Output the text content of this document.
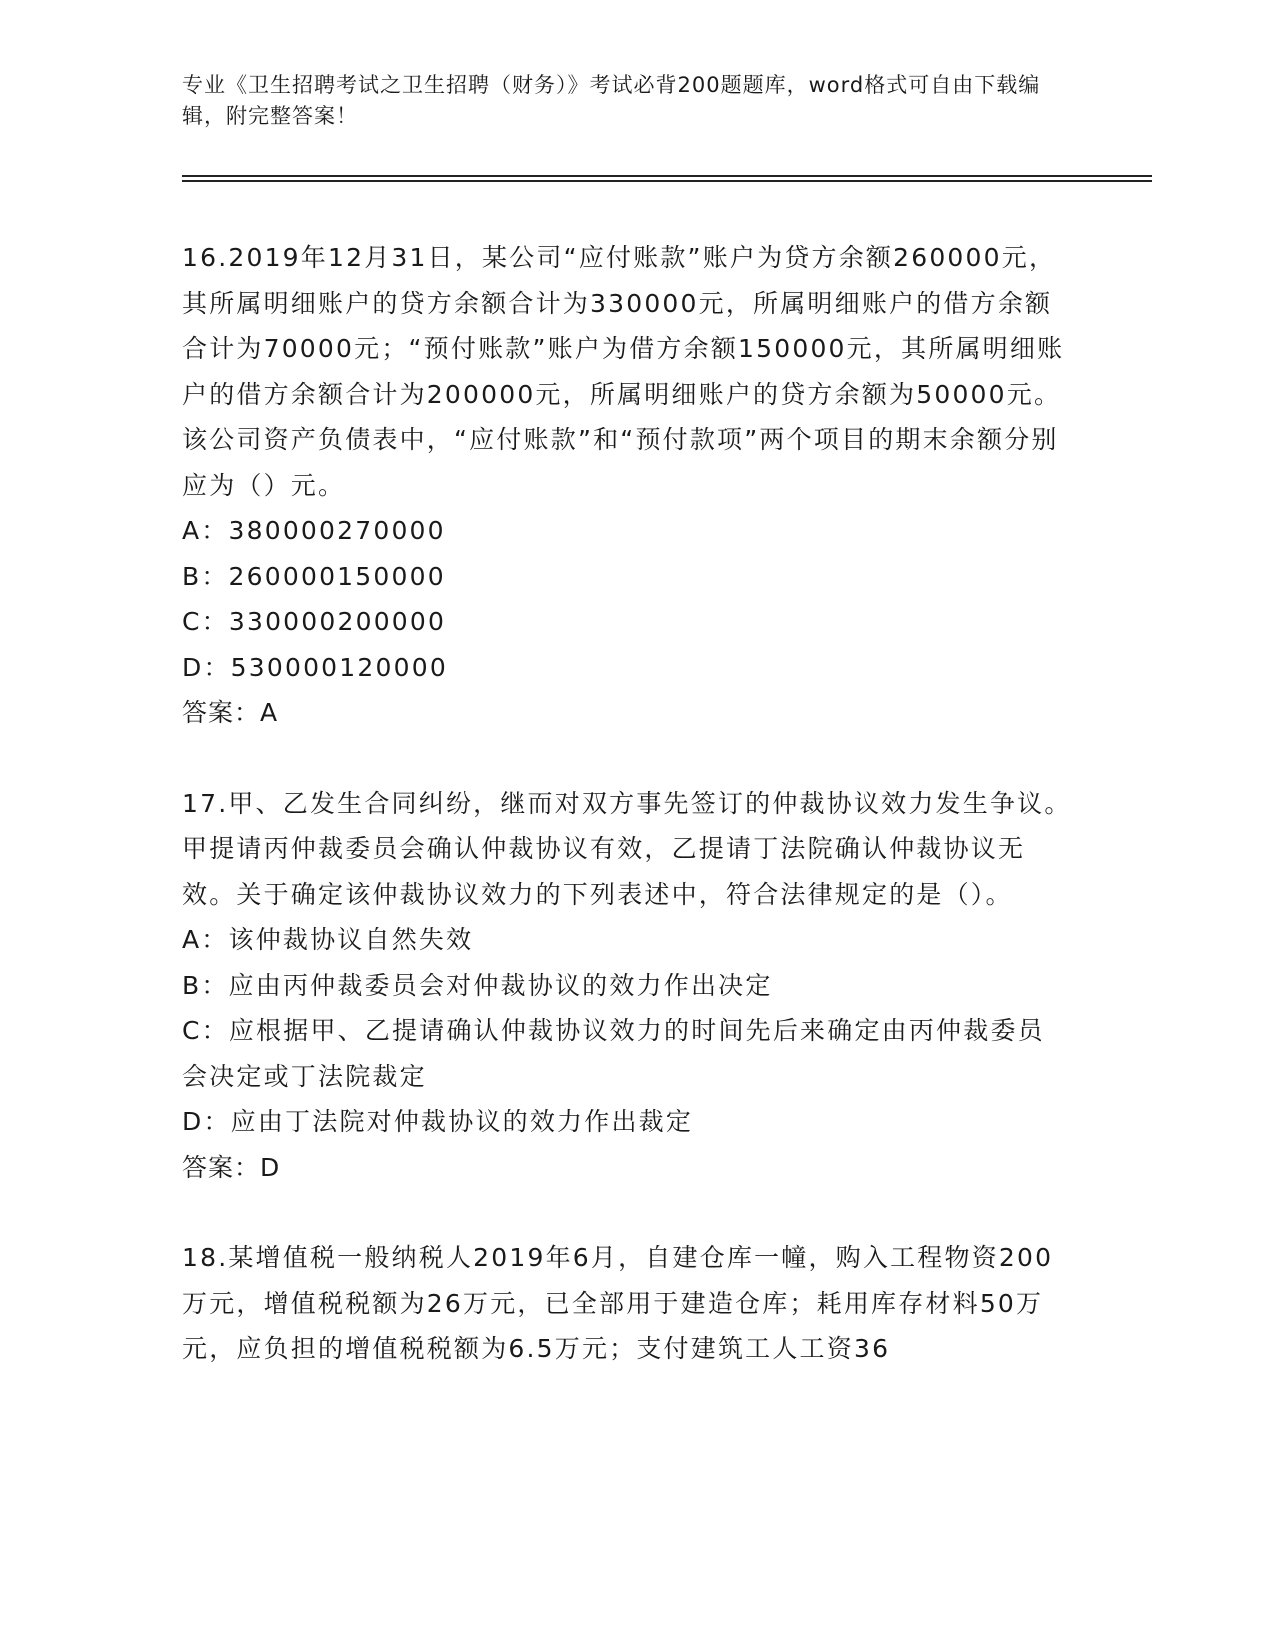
专业《卫生招聘考试之卫生招聘（财务）》考试必背200题题库，word格式可自由下载编辑，附完整答案！

16.2019年12月31日，某公司“应付账款”账户为贷方余额260000元，其所属明细账户的贷方余额合计为330000元，所属明细账户的借方余额合计为70000元；“预付账款”账户为借方余额150000元，其所属明细账户的借方余额合计为200000元，所属明细账户的贷方余额为50000元。该公司资产负债表中，“应付账款”和“预付款项”两个项目的期末余额分别应为（）元。

A：380000270000

B：260000150000

C：330000200000

D：530000120000

答案：A

17.甲、乙发生合同纠纷，继而对双方事先签订的仲裁协议效力发生争议。甲提请丙仲裁委员会确认仲裁协议有效，乙提请丁法院确认仲裁协议无效。关于确定该仲裁协议效力的下列表述中，符合法律规定的是（）。

A：该仲裁协议自然失效

B：应由丙仲裁委员会对仲裁协议的效力作出决定

C：应根据甲、乙提请确认仲裁协议效力的时间先后来确定由丙仲裁委员会决定或丁法院裁定

D：应由丁法院对仲裁协议的效力作出裁定

答案：D

18.某增值税一般纳税人2019年6月，自建仓库一幢，购入工程物资200万元，增值税税额为26万元，已全部用于建造仓库；耗用库存材料50万元，应负担的增值税税额为6.5万元；支付建筑工人工资36
